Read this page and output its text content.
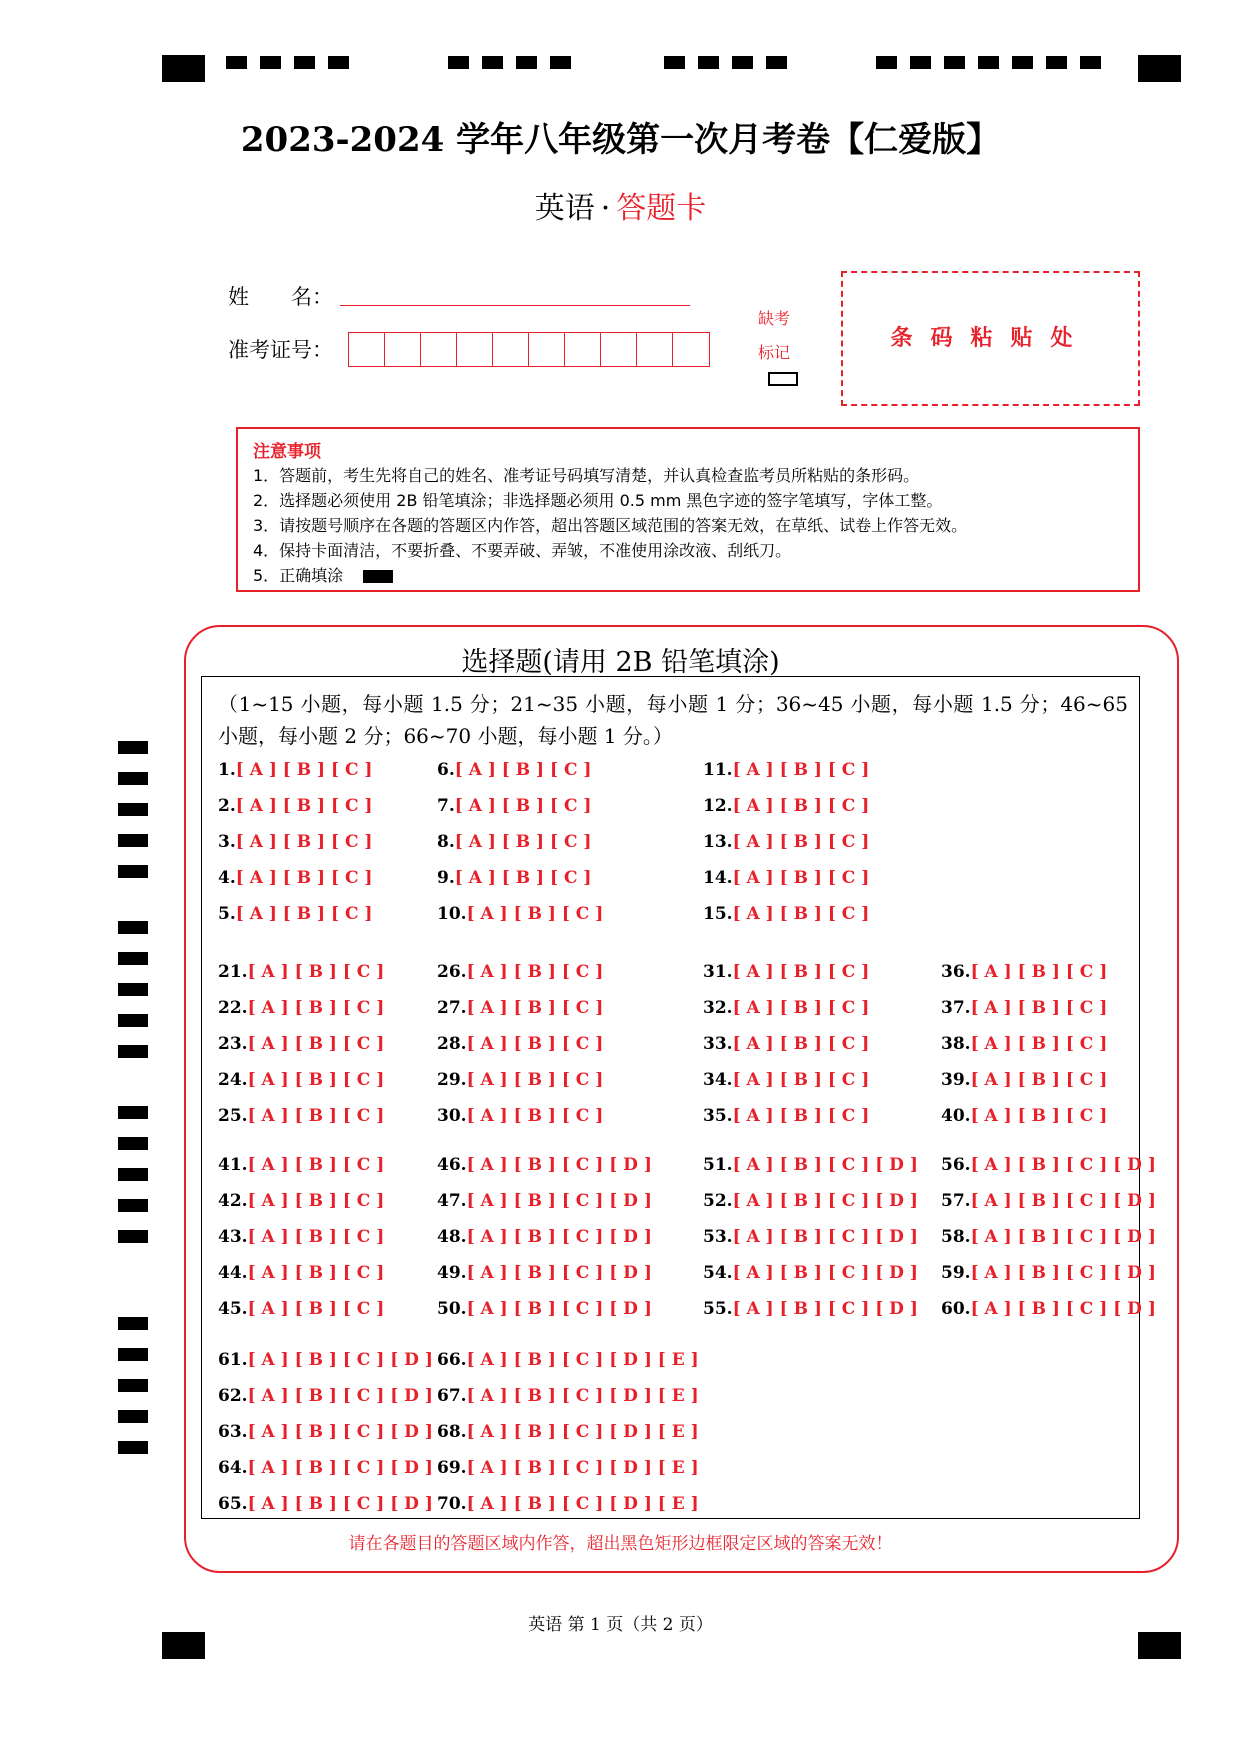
2023-2024 学年八年级第一次月考卷【仁爱版】
英语 · 答题卡
姓　　名：
准考证号：
缺考
标记
条码粘贴处
注意事项
1．答题前，考生先将自己的姓名、准考证号码填写清楚，并认真检查监考员所粘贴的条形码。
2．选择题必须使用 2B 铅笔填涂；非选择题必须用 0.5 mm 黑色字迹的签字笔填写，字体工整。
3．请按题号顺序在各题的答题区内作答，超出答题区域范围的答案无效，在草纸、试卷上作答无效。
4．保持卡面清洁，不要折叠、不要弄破、弄皱，不准使用涂改液、刮纸刀。
5．正确填涂
选择题(请用 2B 铅笔填涂)
（1~15 小题，每小题 1.5 分；21~35 小题，每小题 1 分；36~45 小题，每小题 1.5 分；46~65 小题，每小题 2 分；66~70 小题，每小题 1 分。）
1.[ A ] [ B ] [ C ]
2.[ A ] [ B ] [ C ]
3.[ A ] [ B ] [ C ]
4.[ A ] [ B ] [ C ]
5.[ A ] [ B ] [ C ]
6.[ A ] [ B ] [ C ]
7.[ A ] [ B ] [ C ]
8.[ A ] [ B ] [ C ]
9.[ A ] [ B ] [ C ]
10.[ A ] [ B ] [ C ]
11.[ A ] [ B ] [ C ]
12.[ A ] [ B ] [ C ]
13.[ A ] [ B ] [ C ]
14.[ A ] [ B ] [ C ]
15.[ A ] [ B ] [ C ]
21.[ A ] [ B ] [ C ]
22.[ A ] [ B ] [ C ]
23.[ A ] [ B ] [ C ]
24.[ A ] [ B ] [ C ]
25.[ A ] [ B ] [ C ]
26.[ A ] [ B ] [ C ]
27.[ A ] [ B ] [ C ]
28.[ A ] [ B ] [ C ]
29.[ A ] [ B ] [ C ]
30.[ A ] [ B ] [ C ]
31.[ A ] [ B ] [ C ]
32.[ A ] [ B ] [ C ]
33.[ A ] [ B ] [ C ]
34.[ A ] [ B ] [ C ]
35.[ A ] [ B ] [ C ]
36.[ A ] [ B ] [ C ]
37.[ A ] [ B ] [ C ]
38.[ A ] [ B ] [ C ]
39.[ A ] [ B ] [ C ]
40.[ A ] [ B ] [ C ]
41.[ A ] [ B ] [ C ]
42.[ A ] [ B ] [ C ]
43.[ A ] [ B ] [ C ]
44.[ A ] [ B ] [ C ]
45.[ A ] [ B ] [ C ]
46.[ A ] [ B ] [ C ] [ D ]
47.[ A ] [ B ] [ C ] [ D ]
48.[ A ] [ B ] [ C ] [ D ]
49.[ A ] [ B ] [ C ] [ D ]
50.[ A ] [ B ] [ C ] [ D ]
51.[ A ] [ B ] [ C ] [ D ]
52.[ A ] [ B ] [ C ] [ D ]
53.[ A ] [ B ] [ C ] [ D ]
54.[ A ] [ B ] [ C ] [ D ]
55.[ A ] [ B ] [ C ] [ D ]
56.[ A ] [ B ] [ C ] [ D ]
57.[ A ] [ B ] [ C ] [ D ]
58.[ A ] [ B ] [ C ] [ D ]
59.[ A ] [ B ] [ C ] [ D ]
60.[ A ] [ B ] [ C ] [ D ]
61.[ A ] [ B ] [ C ] [ D ]
62.[ A ] [ B ] [ C ] [ D ]
63.[ A ] [ B ] [ C ] [ D ]
64.[ A ] [ B ] [ C ] [ D ]
65.[ A ] [ B ] [ C ] [ D ]
66.[ A ] [ B ] [ C ] [ D ] [ E ]
67.[ A ] [ B ] [ C ] [ D ] [ E ]
68.[ A ] [ B ] [ C ] [ D ] [ E ]
69.[ A ] [ B ] [ C ] [ D ] [ E ]
70.[ A ] [ B ] [ C ] [ D ] [ E ]
请在各题目的答题区域内作答，超出黑色矩形边框限定区域的答案无效！
英语 第 1 页（共 2 页）
